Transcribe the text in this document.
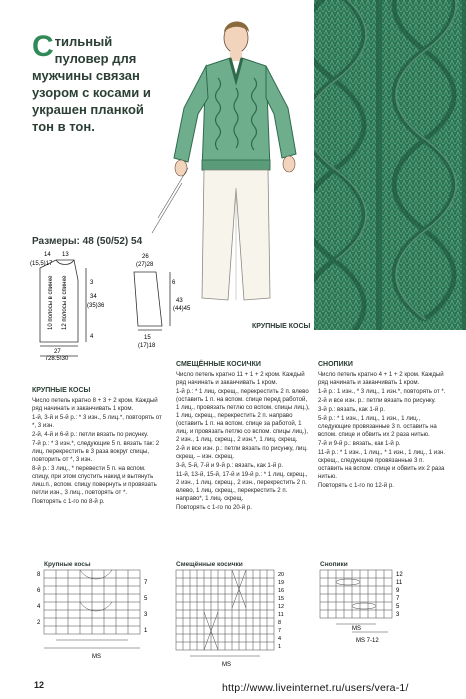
Стильный пуловер для мужчины связан узором с косами и украшен планкой тон в тон.
Размеры: 48 (50/52) 54
14 13
(15,5)17
3
34
(35)36
4
27
(28,5)30
26
(27)28
6
43
(44)45
15
(17)18
10 полосы в спинке 12 полосы в спинке	КРУПНЫЕ КОСЫ
КРУПНЫЕ КОСЫ

Число петель кратно 8 + 3 + 2 кром. Каждый ряд начинать и заканчивать 1 кром.

1-й, 3-й и 5-й р.: * 3 изн., 5 лиц.*, повторять от *, 3 изн.

2-й, 4-й и 6-й р.: петли вязать по рисунку.

7-й р.: * 3 изн.*, следующие 5 п. вязать так: 2 лиц. перекрестить в 3 раза вокруг спицы, повторить от *, 3 изн.

8-й р.: 3 лиц., * перевести 5 п. на вспом. спицу, при этом спустить накид и вытянуть лиш.п., вспом. спицу повернуть и провязать петли изн., 3 лиц., повторять от *.

Повторять с 1-го по 8-й р.

СМЕЩЁННЫЕ КОСИЧКИ

Число петель кратно 11 + 1 + 2 кром. Каждый ряд начинать и заканчивать 1 кром.

1-й р.: * 1 лиц. скрещ., перекрестить 2 п. влево (оставить 1 п. на вспом. спице перед работой, 1 лиц., провязать петлю со вспом. спицы лиц.), 1 лиц. скрещ., перекрестить 2 п. направо (оставить 1 п. на вспом. спице за работой, 1 лиц. и провязать петлю со вспом. спицы лиц.), 2 изн., 1 лиц. скрещ., 2 изн.*, 1 лиц. скрещ.

2-й и все изн. р.: петли вязать по рисунку, лиц. скрещ. – изн. скрещ.

3-й, 5-й, 7-й и 9-й р.: вязать, как 1-й р.

11-й, 13-й, 15-й, 17-й и 19-й р.: * 1 лиц. скрещ., 2 изн., 1 лиц. скрещ., 2 изн., перекрестить 2 п. влево, 1 лиц. скрещ., перекрестить 2 п. направо*, 1 лиц. скрещ.

Повторять с 1-го по 20-й р.

СНОПИКИ

Число петель кратно 4 + 1 + 2 кром. Каждый ряд начинать и заканчивать 1 кром.

1-й р.: 1 изн., * 3 лиц., 1 изн.*, повторять от *.

2-й и все изн. р.: петли вязать по рисунку.

3-й р.: вязать, как 1-й р.

5-й р.: * 1 изн., 1 лиц., 1 изн., 1 лиц., следующие провязанные 3 п. оставить на вспом. спице и обвить их 2 раза нитью.

7-й и 9-й р.: вязать, как 1-й р.

11-й р.: * 1 изн., 1 лиц., * 1 изн., 1 лиц., 1 изн. скрещ., следующие провязанные 3 п. оставить на вспом. спице и обвить их 2 раза нитью.

Повторять с 1-го по 12-й р.

Крупные косы
8
6
4
2
7
5
3
1
MS
Смещённые косички
20
16
12
8
4
19
15
11
7
1
MS
Снопики
12
11
9
7
5
3
MS
MS 7-12
12	http://www.liveinternet.ru/users/vera-1/
